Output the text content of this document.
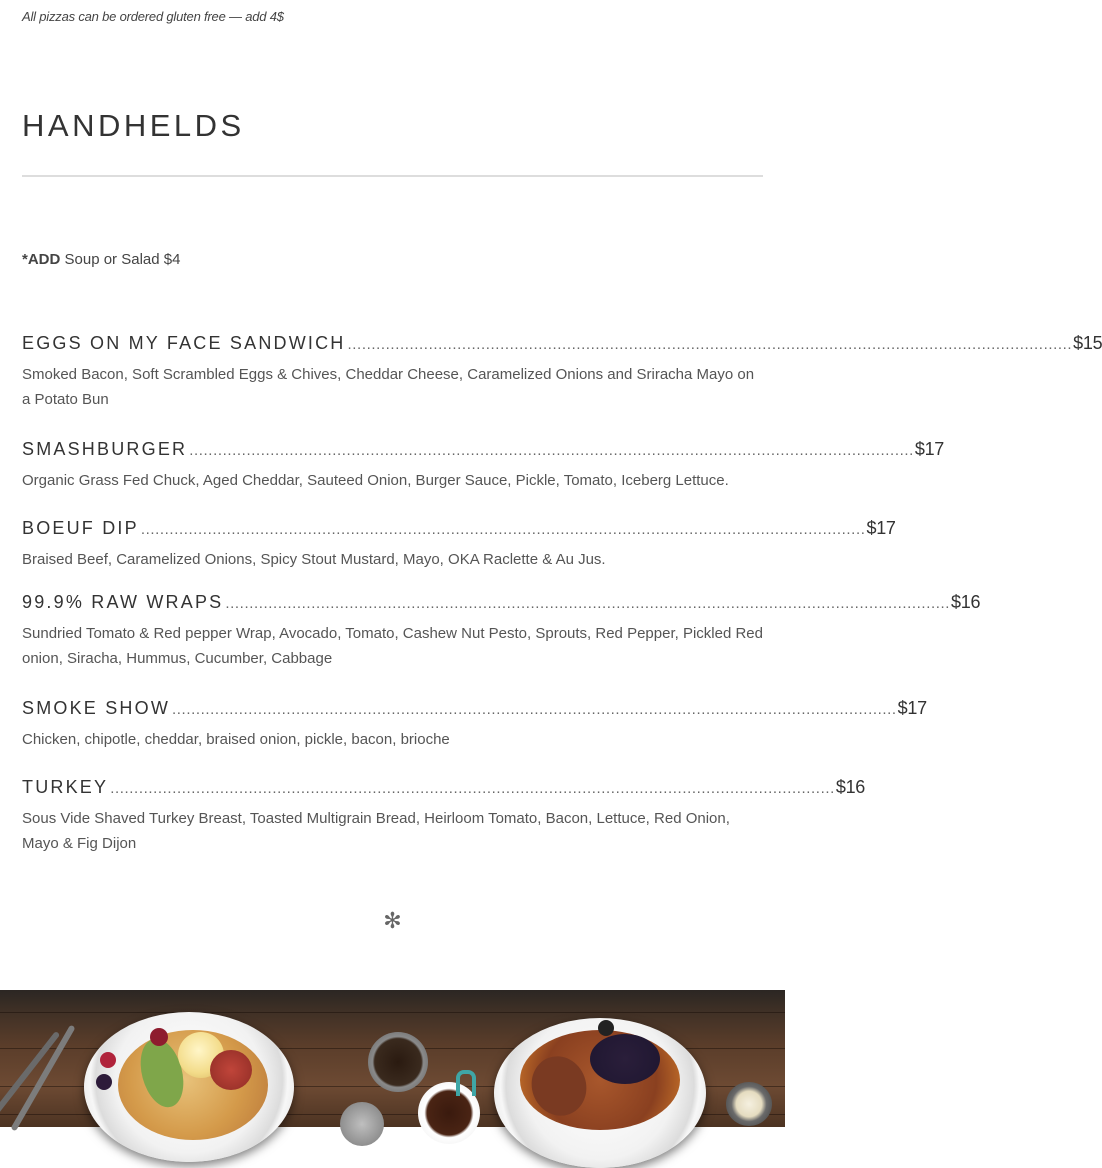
All pizzas can be ordered gluten free — add 4$
HANDHELDS
*ADD Soup or Salad $4
EGGS ON MY FACE SANDWICH ........................................................................................................................................................ $15
Smoked Bacon, Soft Scrambled Eggs & Chives, Cheddar Cheese, Caramelized Onions and Sriracha Mayo on a Potato Bun
SMASHBURGER ........................................................................................................................................................ $17
Organic Grass Fed Chuck, Aged Cheddar, Sauteed Onion, Burger Sauce, Pickle, Tomato, Iceberg Lettuce.
BOEUF DIP ........................................................................................................................................................ $17
Braised Beef, Caramelized Onions, Spicy Stout Mustard, Mayo, OKA Raclette & Au Jus.
99.9% RAW WRAPS ........................................................................................................................................................ $16
Sundried Tomato & Red pepper Wrap, Avocado, Tomato, Cashew Nut Pesto, Sprouts, Red Pepper, Pickled Red onion, Siracha, Hummus, Cucumber, Cabbage
SMOKE SHOW ........................................................................................................................................................ $17
Chicken, chipotle, cheddar, braised onion, pickle, bacon, brioche
TURKEY ........................................................................................................................................................ $16
Sous Vide Shaved Turkey Breast, Toasted Multigrain Bread, Heirloom Tomato, Bacon, Lettuce, Red Onion, Mayo & Fig Dijon
✻
